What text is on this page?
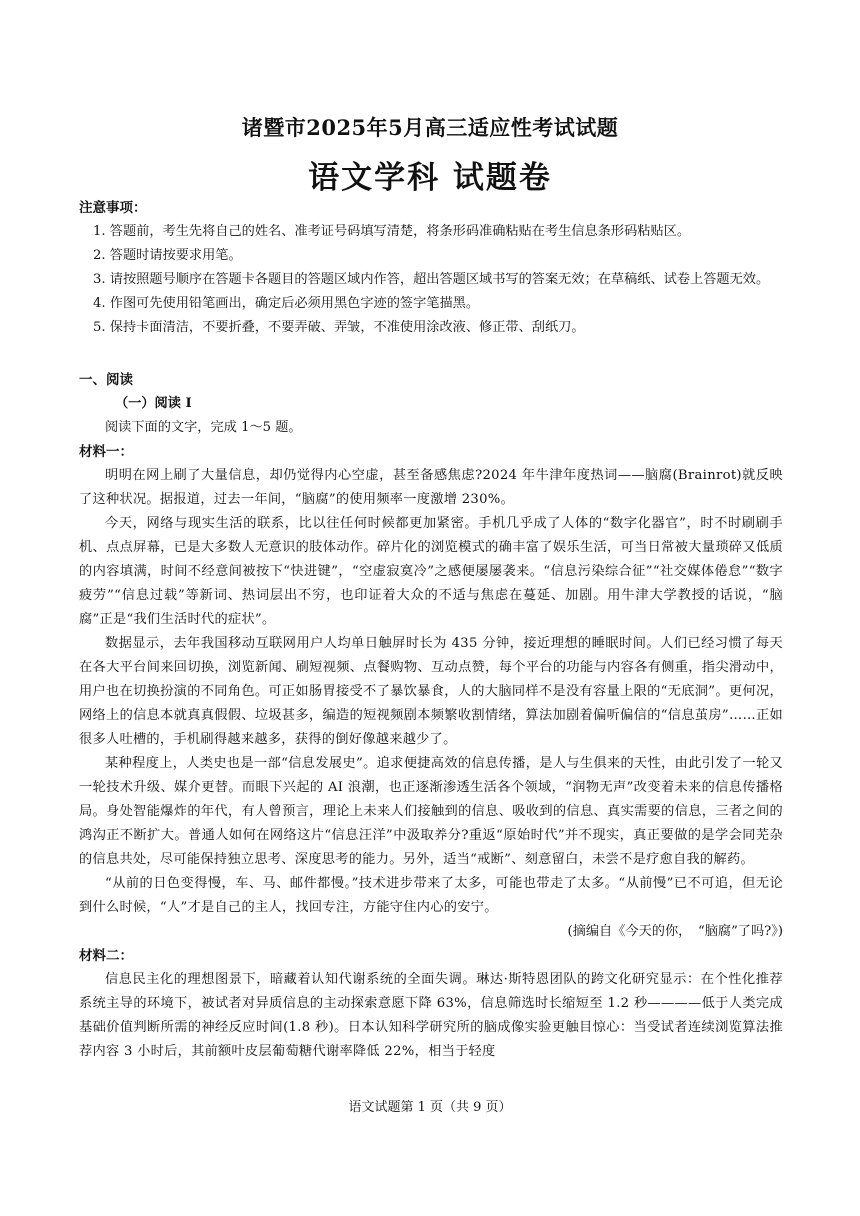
诸暨市2025年5月高三适应性考试试题
语文学科 试题卷
注意事项：
1. 答题前，考生先将自己的姓名、准考证号码填写清楚，将条形码准确粘贴在考生信息条形码粘贴区。
2. 答题时请按要求用笔。
3. 请按照题号顺序在答题卡各题目的答题区域内作答，超出答题区域书写的答案无效；在草稿纸、试卷上答题无效。
4. 作图可先使用铅笔画出，确定后必须用黑色字迹的签字笔描黑。
5. 保持卡面清洁，不要折叠，不要弄破、弄皱，不准使用涂改液、修正带、刮纸刀。
一、阅读
（一）阅读 I
阅读下面的文字，完成 1～5 题。
材料一：
明明在网上刷了大量信息，却仍觉得内心空虚，甚至备感焦虑?2024 年牛津年度热词——脑腐(Brainrot)就反映了这种状况。据报道，过去一年间，“脑腐”的使用频率一度激增 230%。
今天，网络与现实生活的联系，比以往任何时候都更加紧密。手机几乎成了人体的“数字化器官”，时不时刷刷手机、点点屏幕，已是大多数人无意识的肢体动作。碎片化的浏览模式的确丰富了娱乐生活，可当日常被大量琐碎又低质的内容填满，时间不经意间被按下“快进键”，“空虚寂寞冷”之感便屡屡袭来。“信息污染综合征”“社交媒体倦怠”“数字疲劳”“信息过载”等新词、热词层出不穷，也印证着大众的不适与焦虑在蔓延、加剧。用牛津大学教授的话说，“脑腐”正是“我们生活时代的症状”。
数据显示，去年我国移动互联网用户人均单日触屏时长为 435 分钟，接近理想的睡眠时间。人们已经习惯了每天在各大平台间来回切换，浏览新闻、刷短视频、点餐购物、互动点赞，每个平台的功能与内容各有侧重，指尖滑动中，用户也在切换扮演的不同角色。可正如肠胃接受不了暴饮暴食，人的大脑同样不是没有容量上限的“无底洞”。更何况，网络上的信息本就真真假假、垃圾甚多，编造的短视频剧本频繁收割情绪，算法加剧着偏听偏信的“信息茧房”……正如很多人吐槽的，手机刷得越来越多，获得的倒好像越来越少了。
某种程度上，人类史也是一部“信息发展史”。追求便捷高效的信息传播，是人与生俱来的天性，由此引发了一轮又一轮技术升级、媒介更替。而眼下兴起的 AI 浪潮，也正逐渐渗透生活各个领域，“润物无声”改变着未来的信息传播格局。身处智能爆炸的年代，有人曾预言，理论上未来人们接触到的信息、吸收到的信息、真实需要的信息，三者之间的鸿沟正不断扩大。普通人如何在网络这片“信息汪洋”中汲取养分?重返“原始时代”并不现实，真正要做的是学会同芜杂的信息共处，尽可能保持独立思考、深度思考的能力。另外，适当“戒断”、刻意留白，未尝不是疗愈自我的解药。
“从前的日色变得慢，车、马、邮件都慢。”技术进步带来了太多，可能也带走了太多。“从前慢”已不可追，但无论到什么时候，“人”才是自己的主人，找回专注，方能守住内心的安宁。
(摘编自《今天的你，　“脑腐”了吗?》)
材料二：
信息民主化的理想图景下，暗藏着认知代谢系统的全面失调。琳达·斯特恩团队的跨文化研究显示：在个性化推荐系统主导的环境下，被试者对异质信息的主动探索意愿下降 63%，信息筛选时长缩短至 1.2 秒————低于人类完成基础价值判断所需的神经反应时间(1.8 秒)。日本认知科学研究所的脑成像实验更触目惊心：当受试者连续浏览算法推荐内容 3 小时后，其前额叶皮层葡萄糖代谢率降低 22%，相当于轻度
语文试题第 1 页（共 9 页）
